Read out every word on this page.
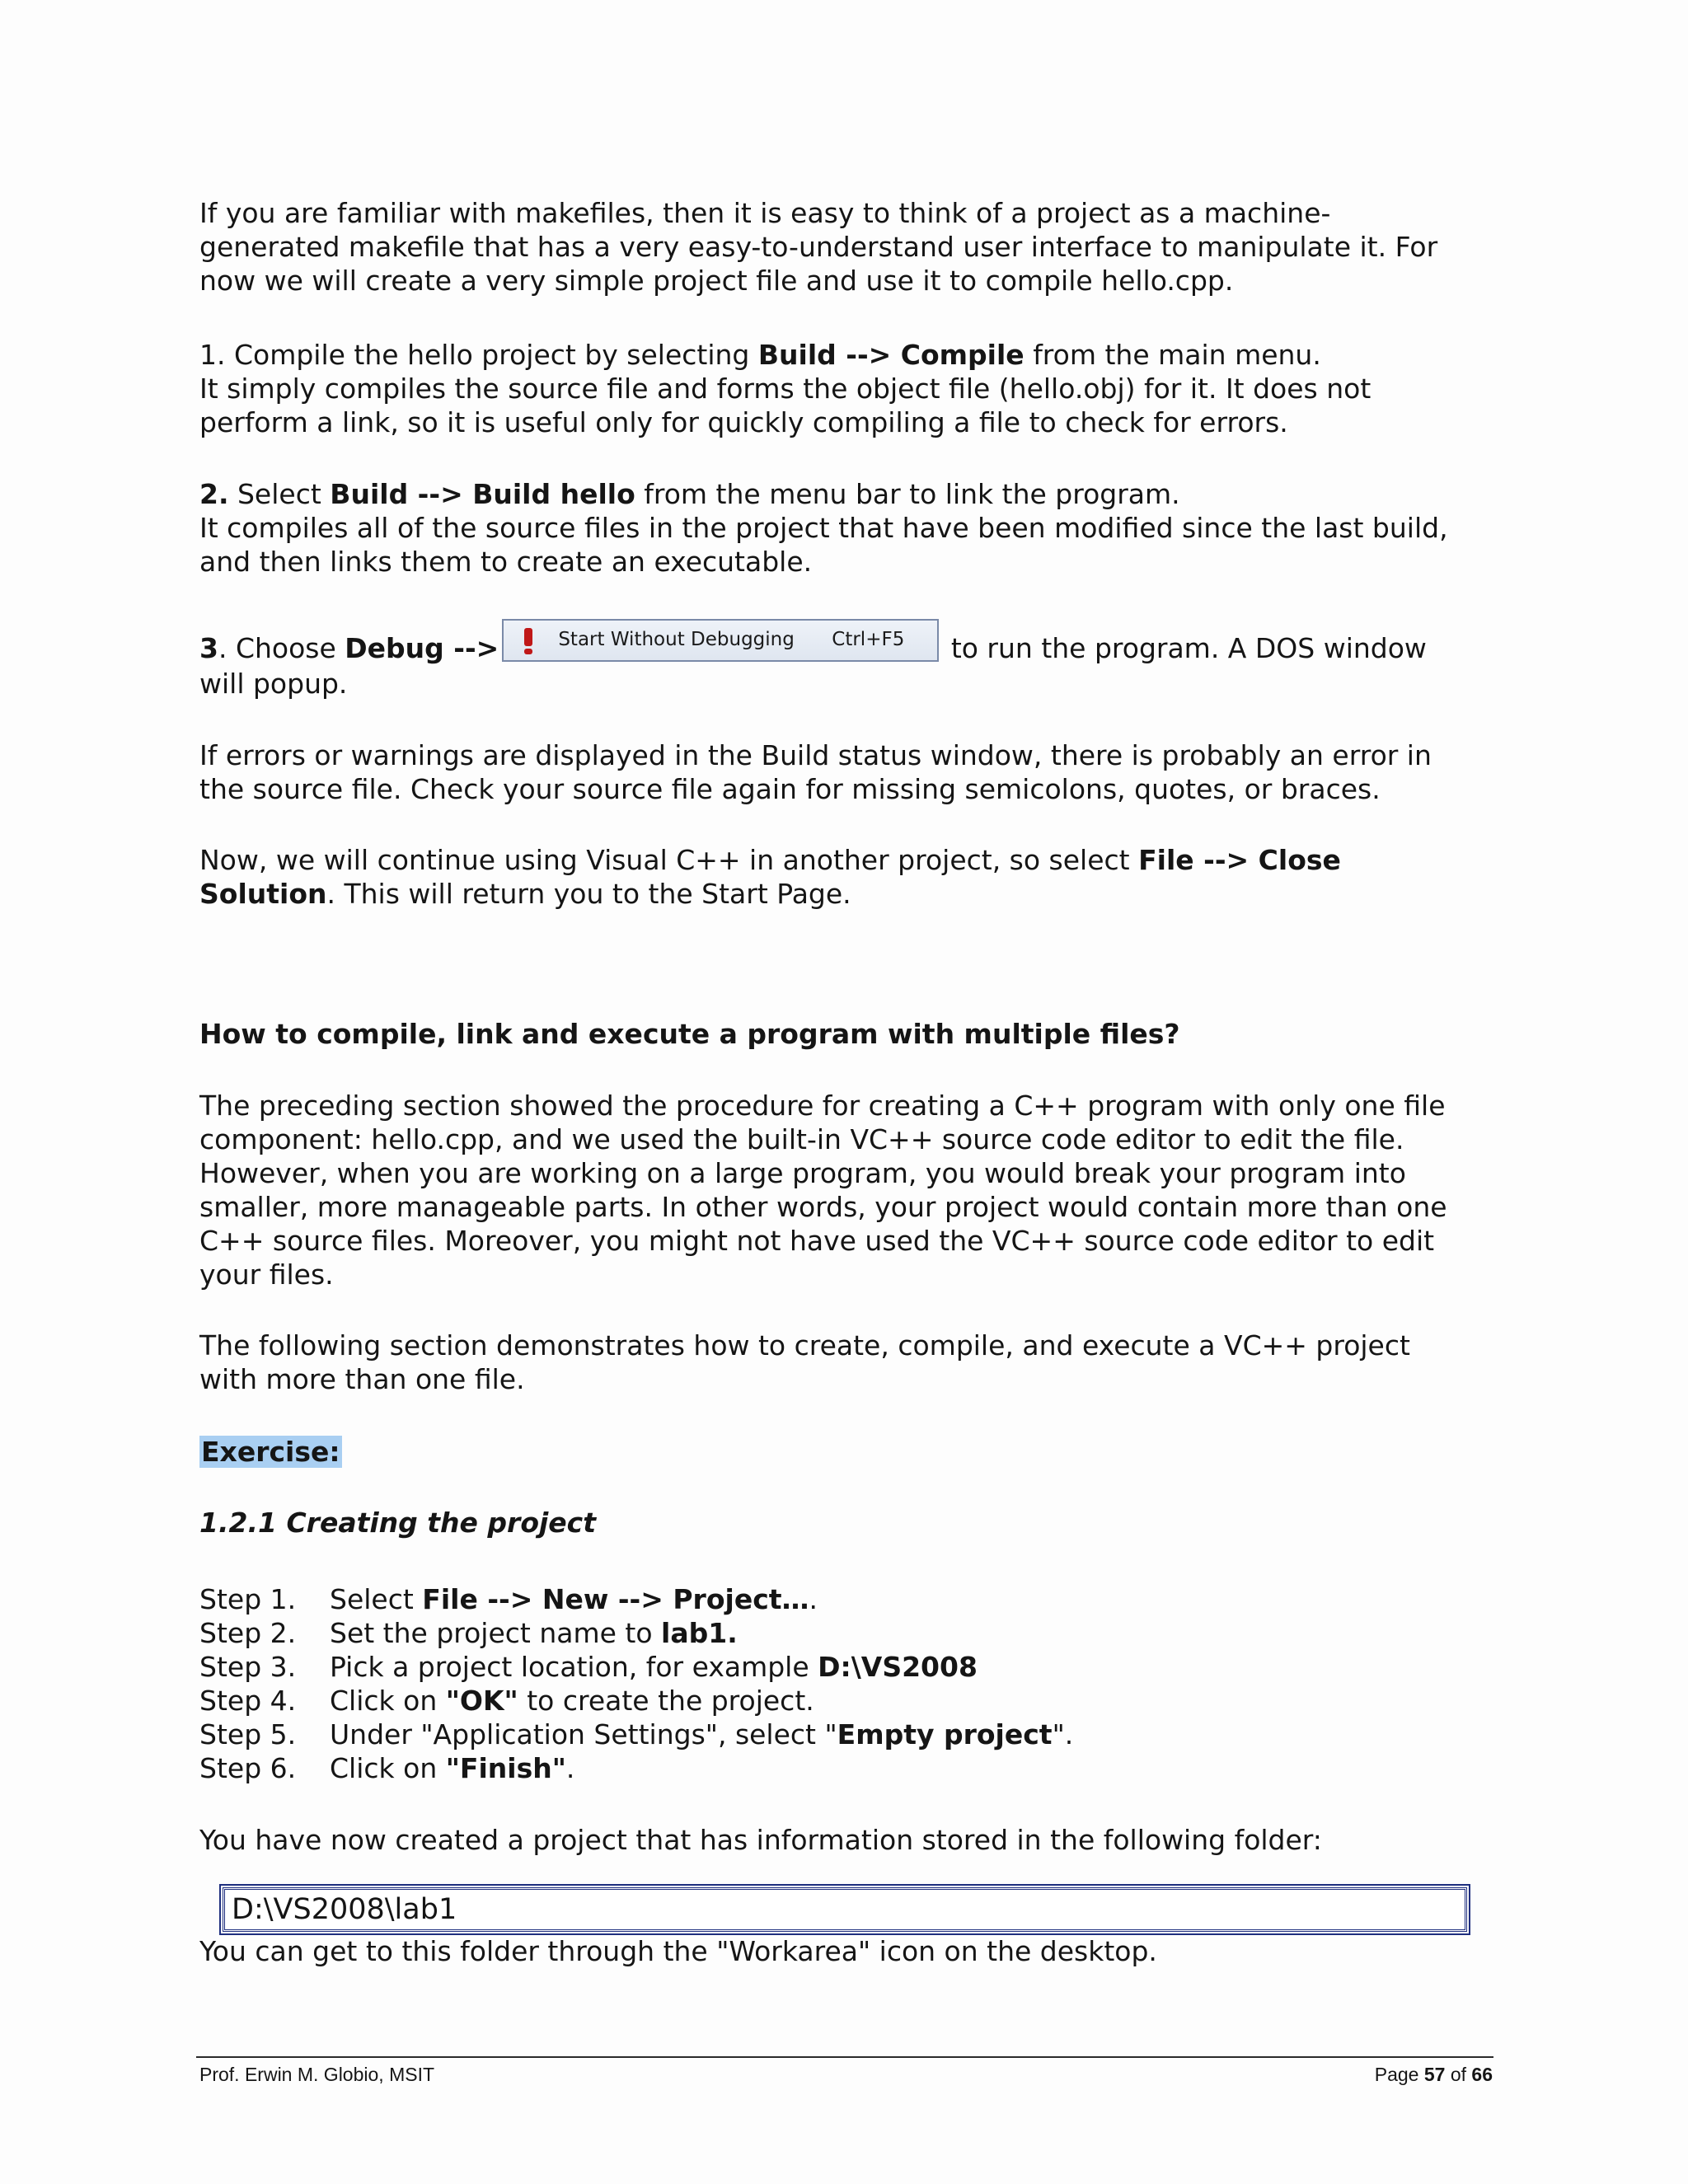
If you are familiar with makefiles, then it is easy to think of a project as a machine-

generated makefile that has a very easy-to-understand user interface to manipulate it. For

now we will create a very simple project file and use it to compile hello.cpp.

1. Compile the hello project by selecting Build --> Compile from the main menu.

It simply compiles the source file and forms the object file (hello.obj) for it. It does not

perform a link, so it is useful only for quickly compiling a file to check for errors.

2. Select Build --> Build hello from the menu bar to link the program.

It compiles all of the source files in the project that have been modified since the last build,

and then links them to create an executable.

3. Choose Debug -->	Start Without Debugging	Ctrl+F5 to run the program. A DOS window

will popup.

If errors or warnings are displayed in the Build status window, there is probably an error in

the source file. Check your source file again for missing semicolons, quotes, or braces.

Now, we will continue using Visual C++ in another project, so select File --> Close

Solution. This will return you to the Start Page.

How to compile, link and execute a program with multiple files?

The preceding section showed the procedure for creating a C++ program with only one file

component: hello.cpp, and we used the built-in VC++ source code editor to edit the file.

However, when you are working on a large program, you would break your program into

smaller, more manageable parts. In other words, your project would contain more than one

C++ source files. Moreover, you might not have used the VC++ source code editor to edit

your files.

The following section demonstrates how to create, compile, and execute a VC++ project

with more than one file.

Exercise:
1.2.1 Creating the project
Step 1.	Select File --> New --> Project….
Step 2.	Set the project name to lab1.
Step 3.	Pick a project location, for example D:\VS2008
Step 4.	Click on "OK" to create the project.
Step 5.	Under "Application Settings", select "Empty project".
Step 6.	Click on "Finish".
You have now created a project that has information stored in the following folder:
D:\VS2008\lab1
You can get to this folder through the "Workarea" icon on the desktop.
Prof. Erwin M. Globio, MSIT	Page 57 of 66
